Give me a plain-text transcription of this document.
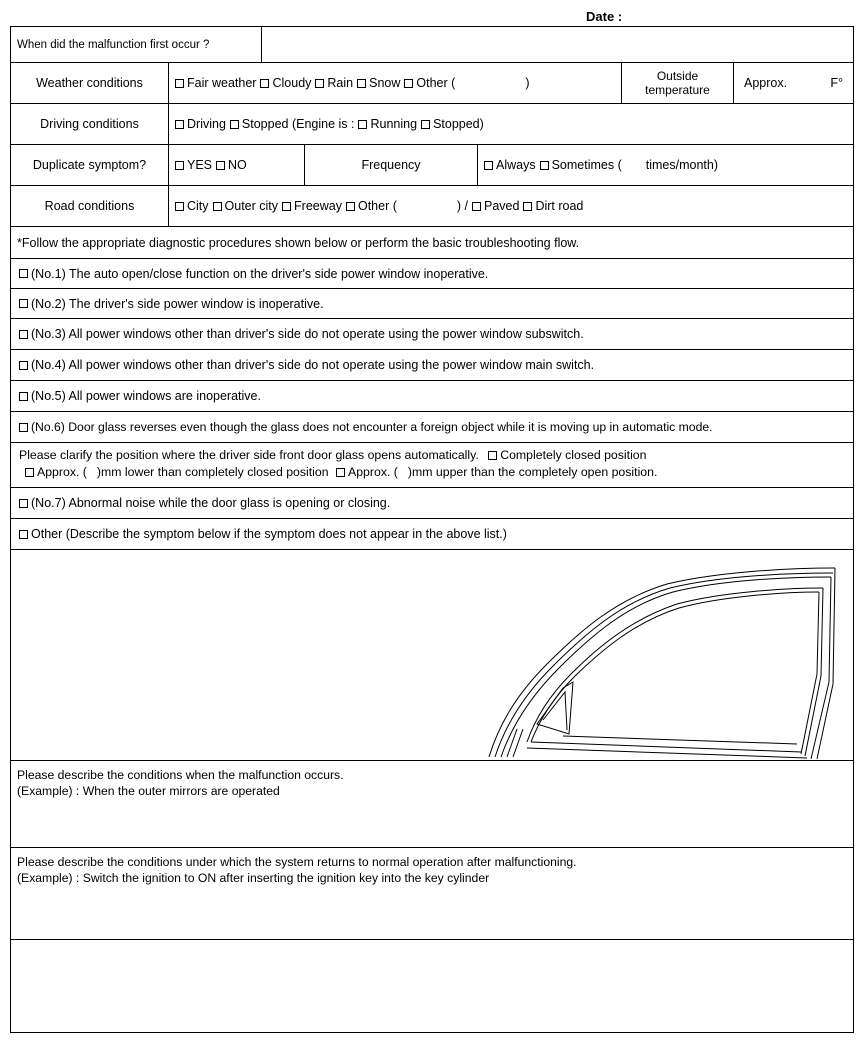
Date :
When did the malfunction first occur ?
Weather conditions	Fair weather	Cloudy	Rain	Snow	Other (	)	Outside temperature	Approx.	F°
Driving conditions	Driving	Stopped (Engine is :	Running	Stopped)
Duplicate symptom?	YES	NO	Frequency	Always	Sometimes ( times/month)
Road conditions	City	Outer city	Freeway	Other (	) /	Paved	Dirt road
*Follow the appropriate diagnostic procedures shown below or perform the basic troubleshooting flow.
(No.1) The auto open/close function on the driver's side power window inoperative.
(No.2) The driver's side power window is inoperative.
(No.3) All power windows other than driver's side do not operate using the power window subswitch.
(No.4) All power windows other than driver's side do not operate using the power window main switch.
(No.5) All power windows are inoperative.
(No.6) Door glass reverses even though the glass does not encounter a foreign object while it is moving up in automatic mode.
Please clarify the position where the driver side front door glass opens automatically. Completely closed position
Approx. ( )mm lower than completely closed position Approx. ( )mm upper than the completely open position.
(No.7) Abnormal noise while the door glass is opening or closing.
Other (Describe the symptom below if the symptom does not appear in the above list.)
Please describe the conditions when the malfunction occurs.
(Example) : When the outer mirrors are operated
Please describe the conditions under which the system returns to normal operation after malfunctioning.
(Example) : Switch the ignition to ON after inserting the ignition key into the key cylinder
